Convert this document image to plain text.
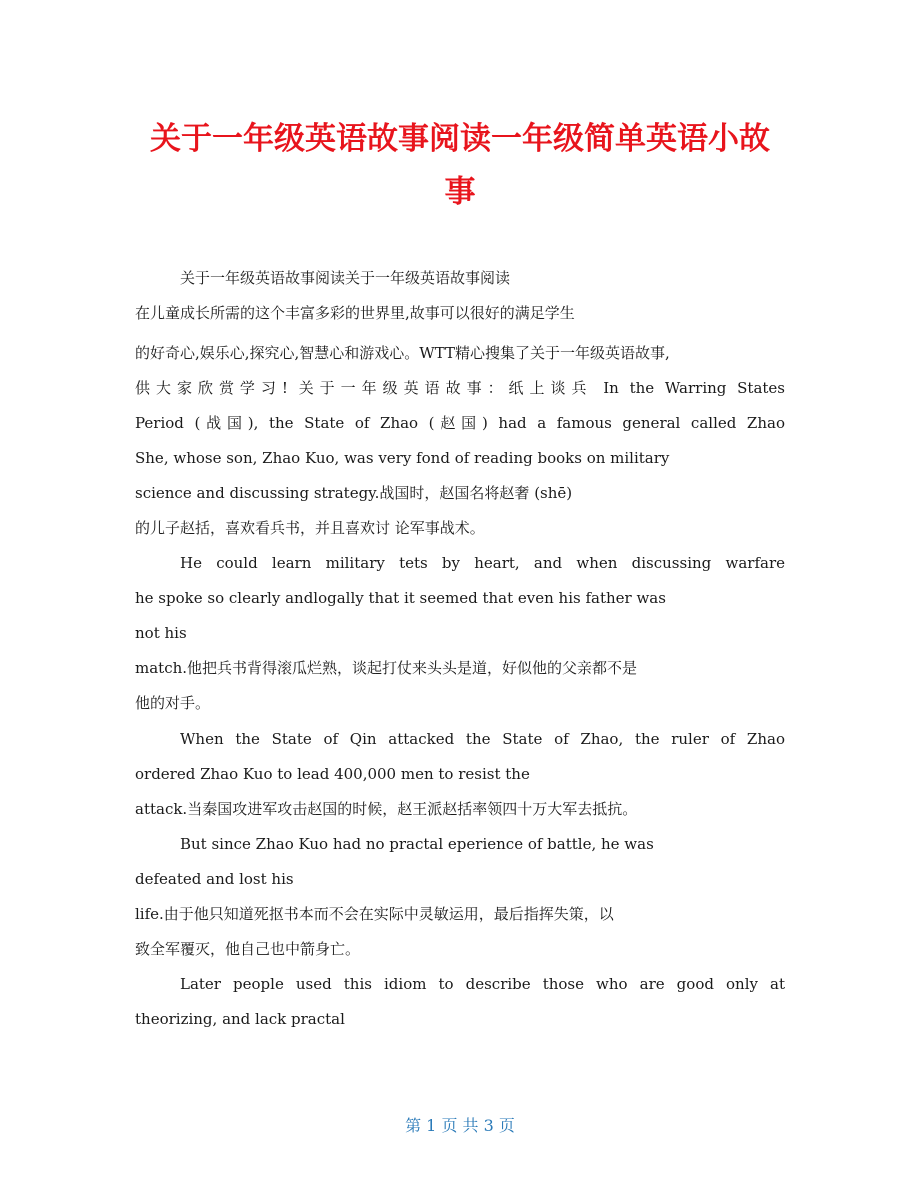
关于一年级英语故事阅读一年级简单英语小故
事

关于一年级英语故事阅读关于一年级英语故事阅读

在儿童成长所需的这个丰富多彩的世界里,故事可以很好的满足学生

的好奇心,娱乐心,探究心,智慧心和游戏心。WTT精心搜集了关于一年级英语故事,

供大家欣赏学习! 关于一年级英语故事：纸上谈兵 In the Warring States

Period (战国), the State of Zhao (赵国) had a famous general called Zhao

She, whose son, Zhao Kuo, was very fond of reading books on military

science and discussing strategy.战国时，赵国名将赵奢 (shē)

的儿子赵括，喜欢看兵书，并且喜欢讨 论军事战术。

He could learn military tets by heart, and when discussing warfare

he spoke so clearly andlogally that it seemed that even his father was

not his

match.他把兵书背得滚瓜烂熟，谈起打仗来头头是道，好似他的父亲都不是

他的对手。

When the State of Qin attacked the State of Zhao, the ruler of Zhao

ordered Zhao Kuo to lead 400,000 men to resist the

attack.当秦国攻进军攻击赵国的时候，赵王派赵括率领四十万大军去抵抗。

But since Zhao Kuo had no practal eperience of battle, he was

defeated and lost his

life.由于他只知道死抠书本而不会在实际中灵敏运用，最后指挥失策，以

致全军覆灭，他自己也中箭身亡。

Later people used this idiom to describe those who are good only at

theorizing, and lack practal

第 1 页 共 3 页
